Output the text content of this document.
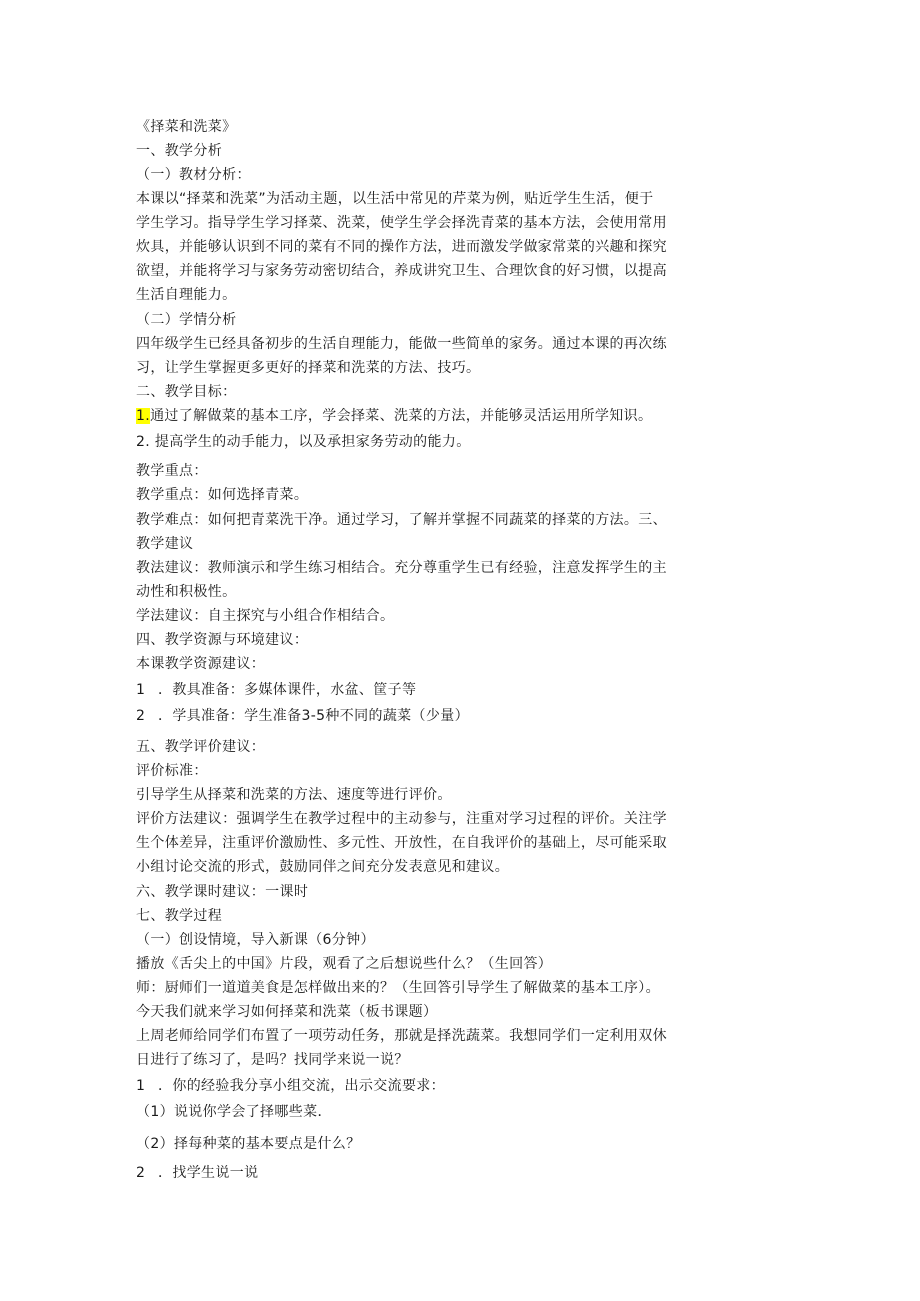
《择菜和洗菜》
一、教学分析
（一）教材分析：
本课以“择菜和洗菜”为活动主题，以生活中常见的芹菜为例，贴近学生生活，便于
学生学习。指导学生学习择菜、洗菜，使学生学会择洗青菜的基本方法，会使用常用
炊具，并能够认识到不同的菜有不同的操作方法，进而激发学做家常菜的兴趣和探究
欲望，并能将学习与家务劳动密切结合，养成讲究卫生、合理饮食的好习惯，以提高
生活自理能力。
（二）学情分析
四年级学生已经具备初步的生活自理能力，能做一些简单的家务。通过本课的再次练
习，让学生掌握更多更好的择菜和洗菜的方法、技巧。
二、教学目标：
1.通过了解做菜的基本工序，学会择菜、洗菜的方法，并能够灵活运用所学知识。
2. 提高学生的动手能力，以及承担家务劳动的能力。
教学重点：
教学重点：如何选择青菜。
教学难点：如何把青菜洗干净。通过学习，了解并掌握不同蔬菜的择菜的方法。三、
教学建议
教法建议：教师演示和学生练习相结合。充分尊重学生已有经验，注意发挥学生的主
动性和积极性。
学法建议：自主探究与小组合作相结合。
四、教学资源与环境建议：
本课教学资源建议：
1 ．教具准备：多媒体课件，水盆、筐子等
2 ．学具准备：学生准备3-5种不同的蔬菜（少量）
五、教学评价建议：
评价标准：
引导学生从择菜和洗菜的方法、速度等进行评价。
评价方法建议：强调学生在教学过程中的主动参与，注重对学习过程的评价。关注学
生个体差异，注重评价激励性、多元性、开放性，在自我评价的基础上，尽可能采取
小组讨论交流的形式，鼓励同伴之间充分发表意见和建议。
六、教学课时建议：一课时
七、教学过程
（一）创设情境，导入新课（6分钟）
播放《舌尖上的中国》片段，观看了之后想说些什么？（生回答）
师：厨师们一道道美食是怎样做出来的？（生回答引导学生了解做菜的基本工序）。
今天我们就来学习如何择菜和洗菜（板书课题）
上周老师给同学们布置了一项劳动任务，那就是择洗蔬菜。我想同学们一定利用双休
日进行了练习了，是吗？找同学来说一说？
1 ．你的经验我分享小组交流，出示交流要求：
（1）说说你学会了择哪些菜．
（2）择每种菜的基本要点是什么？
2 ．找学生说一说
